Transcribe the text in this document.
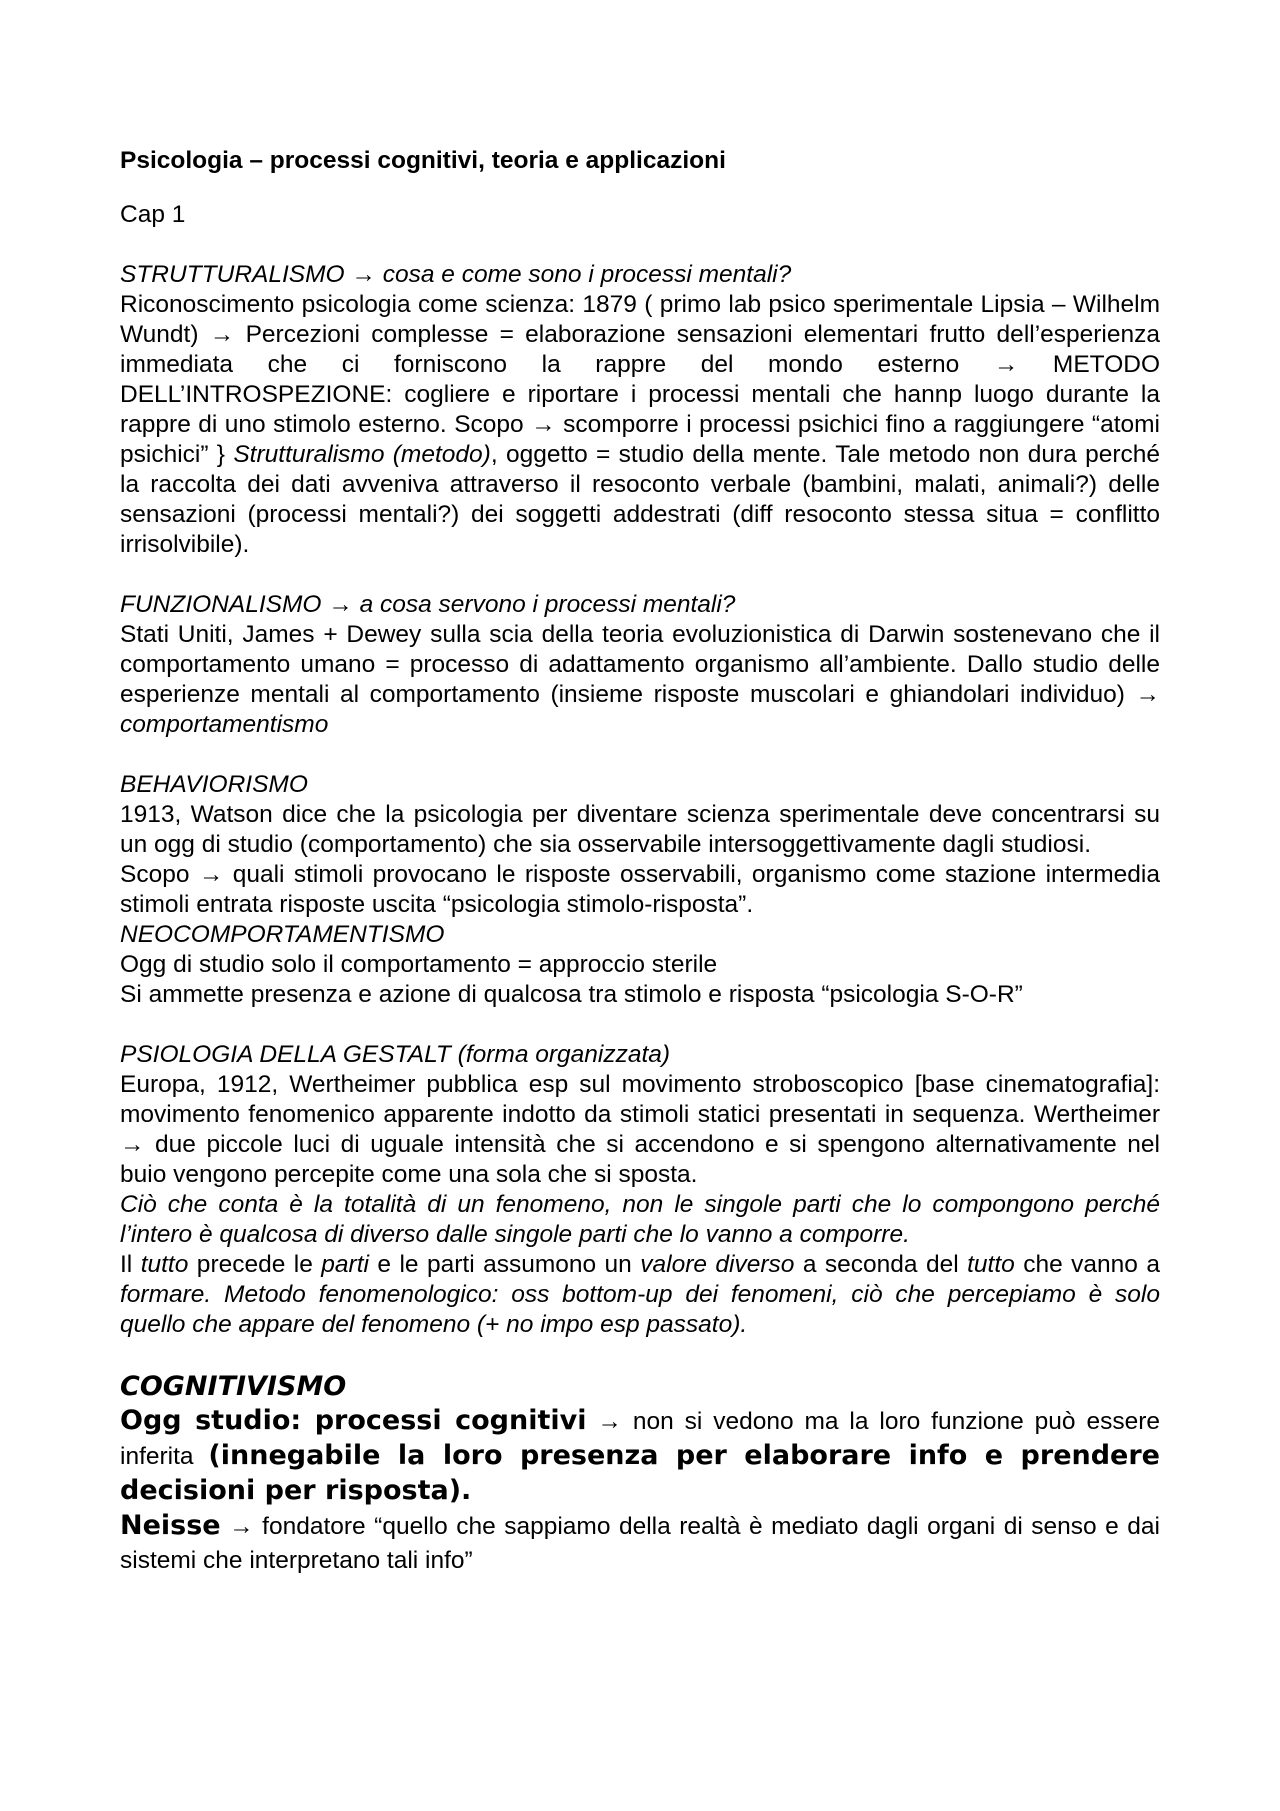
Psicologia – processi cognitivi, teoria e applicazioni
Cap 1
STRUTTURALISMO → cosa e come sono i processi mentali?

Riconoscimento psicologia come scienza: 1879 ( primo lab psico sperimentale Lipsia – Wilhelm Wundt) → Percezioni complesse = elaborazione sensazioni elementari frutto dell’esperienza immediata che ci forniscono la rappre del mondo esterno → METODO DELL’INTROSPEZIONE: cogliere e riportare i processi mentali che hannp luogo durante la rappre di uno stimolo esterno. Scopo → scomporre i processi psichici fino a raggiungere “atomi psichici” } Strutturalismo (metodo), oggetto = studio della mente. Tale metodo non dura perché la raccolta dei dati avveniva attraverso il resoconto verbale (bambini, malati, animali?) delle sensazioni (processi mentali?) dei soggetti addestrati (diff resoconto stessa situa = conflitto irrisolvibile).

FUNZIONALISMO → a cosa servono i processi mentali?

Stati Uniti, James + Dewey sulla scia della teoria evoluzionistica di Darwin sostenevano che il comportamento umano = processo di adattamento organismo all’ambiente. Dallo studio delle esperienze mentali al comportamento (insieme risposte muscolari e ghiandolari individuo) → comportamentismo

BEHAVIORISMO

1913, Watson dice che la psicologia per diventare scienza sperimentale deve concentrarsi su un ogg di studio (comportamento) che sia osservabile intersoggettivamente dagli studiosi.

Scopo → quali stimoli provocano le risposte osservabili, organismo come stazione intermedia stimoli entrata risposte uscita “psicologia stimolo-risposta”.

NEOCOMPORTAMENTISMO

Ogg di studio solo il comportamento = approccio sterile

Si ammette presenza e azione di qualcosa tra stimolo e risposta “psicologia S-O-R”

PSIOLOGIA DELLA GESTALT (forma organizzata)

Europa, 1912, Wertheimer pubblica esp sul movimento stroboscopico [base cinematografia]: movimento fenomenico apparente indotto da stimoli statici presentati in sequenza. Wertheimer → due piccole luci di uguale intensità che si accendono e si spengono alternativamente nel buio vengono percepite come una sola che si sposta.

Ciò che conta è la totalità di un fenomeno, non le singole parti che lo compongono perché l’intero è qualcosa di diverso dalle singole parti che lo vanno a comporre.

Il tutto precede le parti e le parti assumono un valore diverso a seconda del tutto che vanno a formare. Metodo fenomenologico: oss bottom-up dei fenomeni, ciò che percepiamo è solo quello che appare del fenomeno (+ no impo esp passato).

COGNITIVISMO

Ogg studio: processi cognitivi → non si vedono ma la loro funzione può essere inferita (innegabile la loro presenza per elaborare info e prendere decisioni per risposta).

Neisse → fondatore “quello che sappiamo della realtà è mediato dagli organi di senso e dai sistemi che interpretano tali info”
